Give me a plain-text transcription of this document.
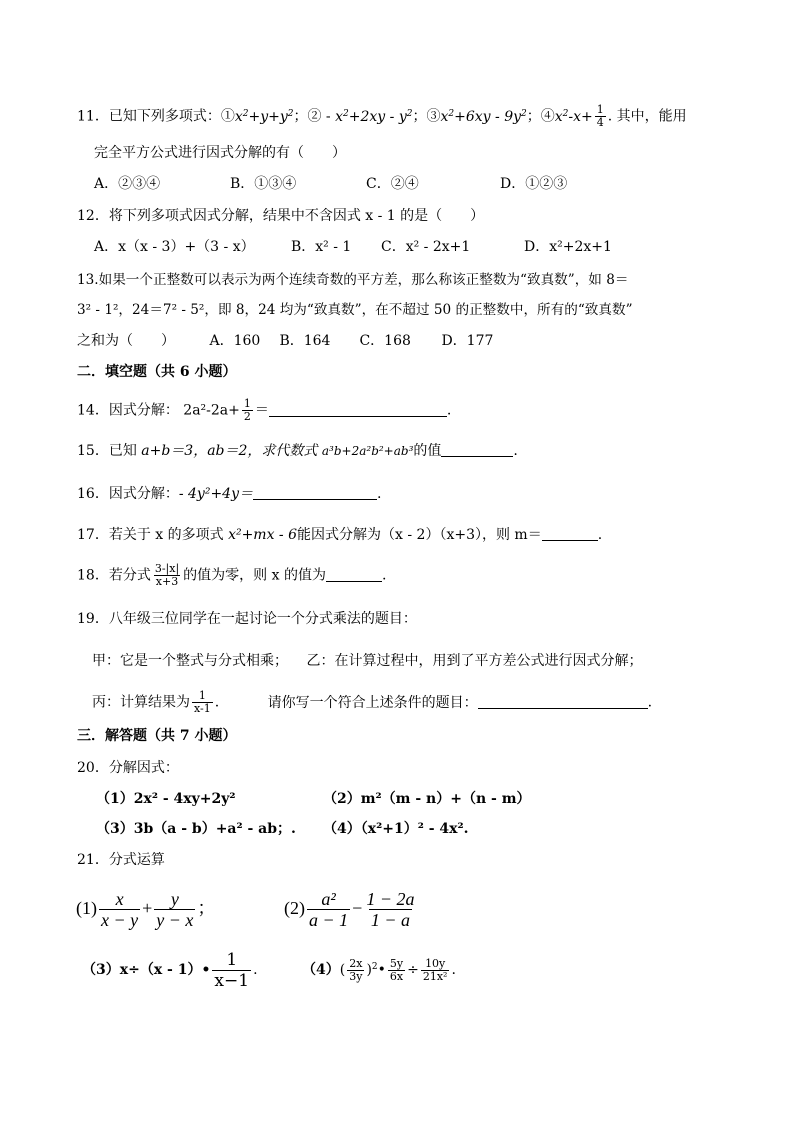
11．已知下列多项式：$①x^2+y+y^2$；② - $x^2+2xy - y^2$；$③x^2+6xy - 9y^2$；$④x^2-x+ \frac{1}{4}$ . 其中，能用
完全平方公式进行因式分解的有（　　）
A．②③④	B．①③④	C．②④	D．①②③
12．将下列多项式因式分解，结果中不含因式 x - 1 的是（　　）
A．x（x - 3）+（3 - x）	B．x² - 1 C．x² - 2x+1	D．x²+2x+1
13.如果一个正整数可以表示为两个连续奇数的平方差，那么称该正整数为“致真数”，如 8＝
3² - 1²，24＝7² - 5²，即 8，24 均为“致真数”，在不超过 50 的正整数中，所有的“致真数”
之和为（　　） A．160 B．164 C．168 D．177
二．填空题（共 6 小题）
14．因式分解： $2a^2-2a+ \frac{1}{2}$ ＝	.
15．已知 a+b＝3，ab＝2，求代数式 a³b+2a²b²+ab³的值	.
16．因式分解：- 4y²+4y＝	.
17．若关于 x 的多项式 x²+mx - 6能因式分解为（x - 2）（x+3），则 m＝	.
18．若分式 $\frac{3-|x|}{x+3}$ 的值为零，则 x 的值为	.
19．八年级三位同学在一起讨论一个分式乘法的题目：
甲：它是一个整式与分式相乘； 乙：在计算过程中，用到了平方差公式进行因式分解；
丙：计算结果为 $\frac{1}{x-1}$ .	请你写一个符合上述条件的题目：	.
三．解答题（共 7 小题）
20．分解因式：
（1）2x² - 4xy+2y²	（2）m²（m - n）+（n - m）
（3）3b（a - b）+a² - ab；. （4）（x²+1）² - 4x².
21．分式运算
$(1) \frac{x}{x - y} + \frac{y}{y - x}$ ；	$(2) \frac{\text{a²}}{a - 1} - \frac{1 - 2a}{1 - a}$
（3）x÷（x - 1）• $\frac{1}{x-1}$ .	$(4)( \frac{2x}{3y}$ )$^2• \frac{5y}{6x} \div \frac{10y}{\text{21x²}}$ .
